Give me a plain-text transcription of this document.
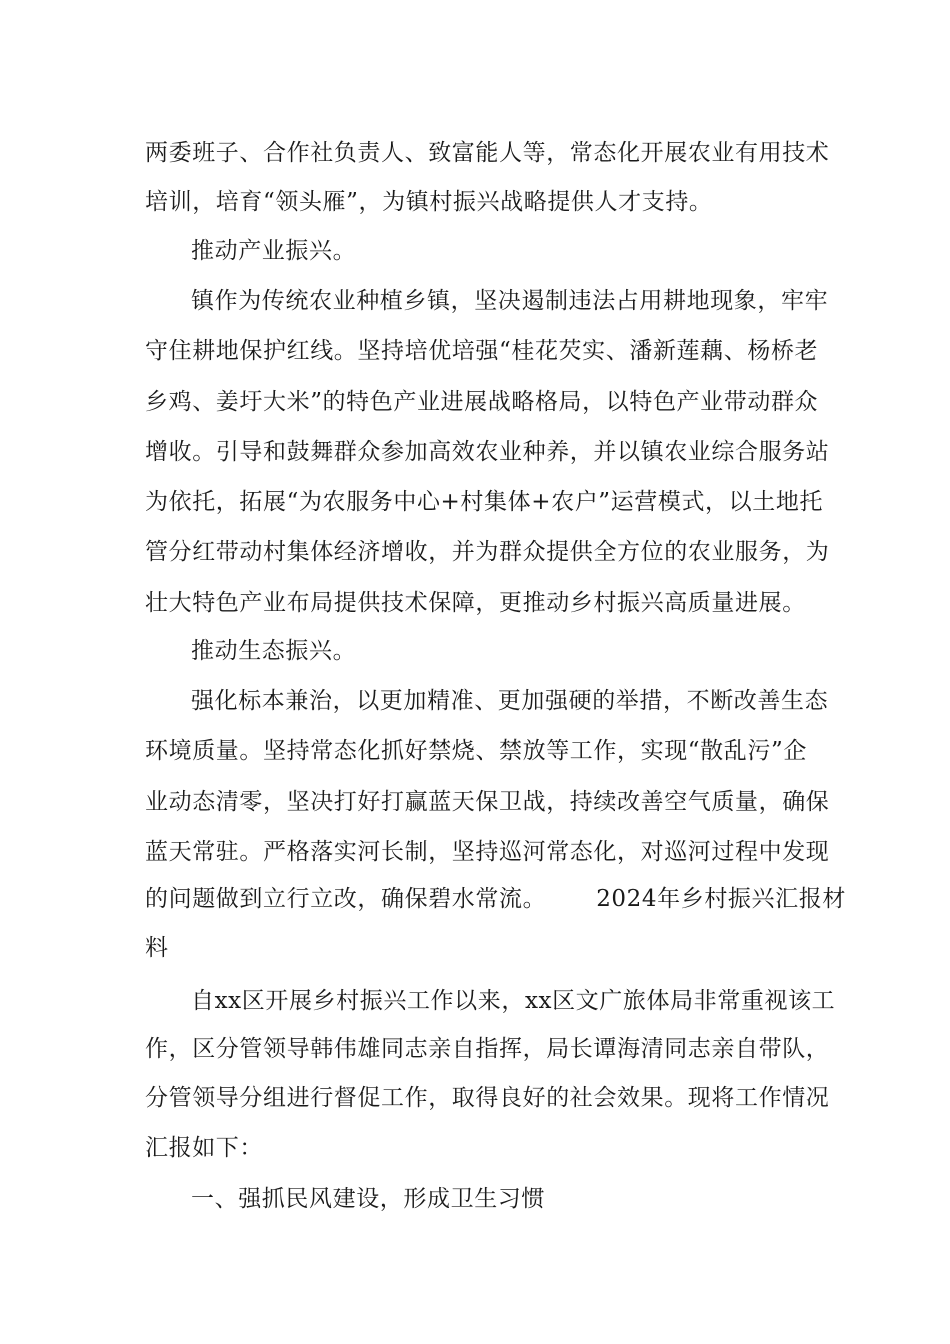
两委班子、合作社负责人、致富能人等，常态化开展农业有用技术
培训，培育“领头雁”，为镇村振兴战略提供人才支持。
推动产业振兴。
镇作为传统农业种植乡镇，坚决遏制违法占用耕地现象，牢牢
守住耕地保护红线。坚持培优培强“桂花芡实、潘新莲藕、杨桥老
乡鸡、姜圩大米”的特色产业进展战略格局，以特色产业带动群众
增收。引导和鼓舞群众参加高效农业种养，并以镇农业综合服务站
为依托，拓展“为农服务中心+村集体+农户”运营模式，以土地托
管分红带动村集体经济增收，并为群众提供全方位的农业服务，为
壮大特色产业布局提供技术保障，更推动乡村振兴高质量进展。
推动生态振兴。
强化标本兼治，以更加精准、更加强硬的举措，不断改善生态
环境质量。坚持常态化抓好禁烧、禁放等工作，实现“散乱污”企
业动态清零，坚决打好打赢蓝天保卫战，持续改善空气质量，确保
蓝天常驻。严格落实河长制，坚持巡河常态化，对巡河过程中发现
的问题做到立行立改，确保碧水常流。 2024年乡村振兴汇报材
料
自xx区开展乡村振兴工作以来，xx区文广旅体局非常重视该工
作，区分管领导韩伟雄同志亲自指挥，局长谭海清同志亲自带队，
分管领导分组进行督促工作，取得良好的社会效果。现将工作情况
汇报如下：
一、强抓民风建设，形成卫生习惯
